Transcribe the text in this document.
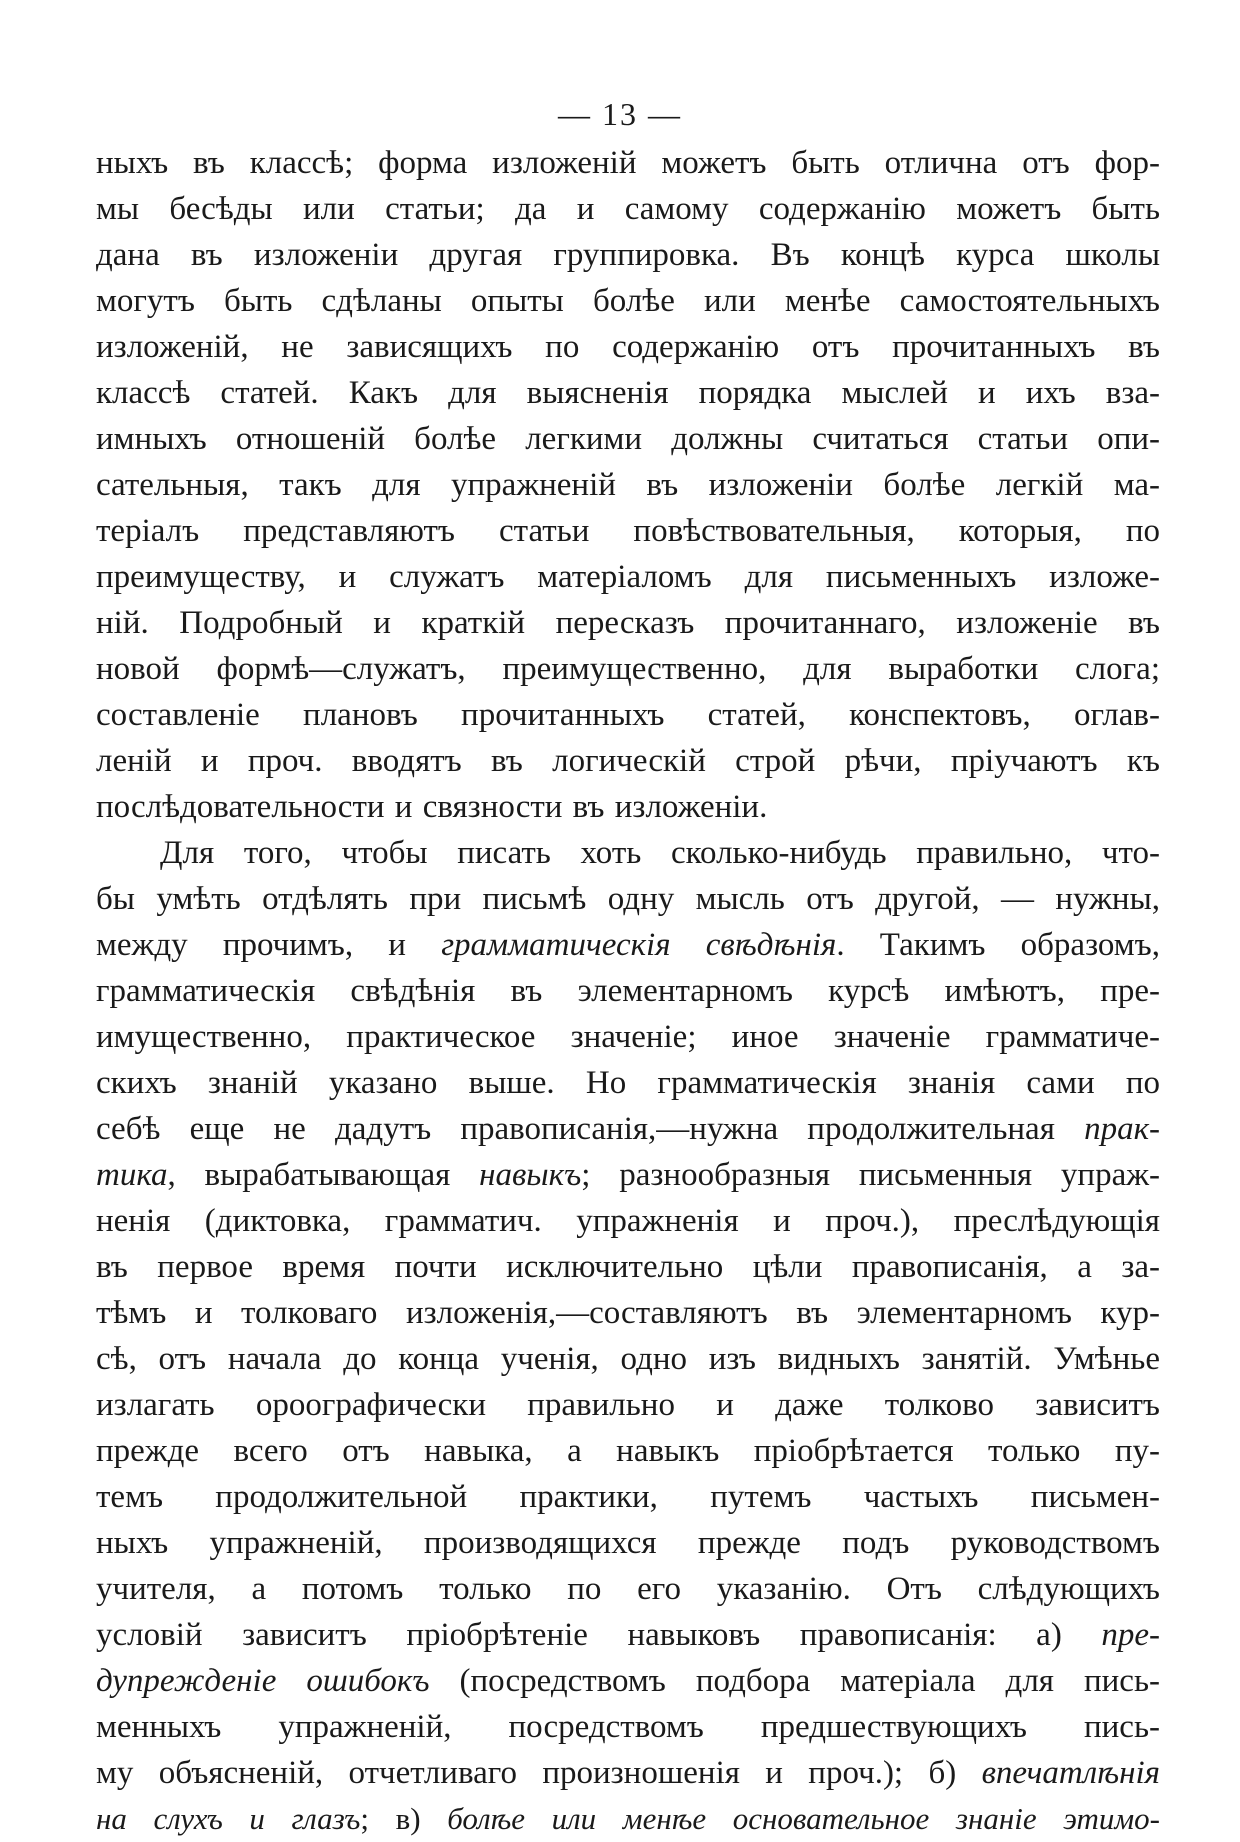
— 13 —
ныхъ въ классѣ; форма изложеній можетъ быть отлична отъ фор-
мы бесѣды или статьи; да и самому содержанію можетъ быть
дана въ изложеніи другая группировка. Въ концѣ курса школы
могутъ быть сдѣланы опыты болѣе или менѣе самостоятельныхъ
изложеній, не зависящихъ по содержанію отъ прочитанныхъ въ
классѣ статей. Какъ для выясненія порядка мыслей и ихъ вза-
имныхъ отношеній болѣе легкими должны считаться статьи опи-
сательныя, такъ для упражненій въ изложеніи болѣе легкій ма-
теріалъ представляютъ статьи повѣствовательныя, которыя, по
преимуществу, и служатъ матеріаломъ для письменныхъ изложе-
ній. Подробный и краткій пересказъ прочитаннаго, изложеніе въ
новой формѣ—служатъ, преимущественно, для выработки слога;
составленіе плановъ прочитанныхъ статей, конспектовъ, оглав-
леній и проч. вводятъ въ логическій строй рѣчи, пріучаютъ къ
послѣдовательности и связности въ изложеніи.
Для того, чтобы писать хоть сколько-нибудь правильно, что-
бы умѣть отдѣлять при письмѣ одну мысль отъ другой, — нужны,
между прочимъ, и грамматическія свѣдѣнія. Такимъ образомъ,
грамматическія свѣдѣнія въ элементарномъ курсѣ имѣютъ, пре-
имущественно, практическое значеніе; иное значеніе грамматиче-
скихъ знаній указано выше. Но грамматическія знанія сами по
себѣ еще не дадутъ правописанія,—нужна продолжительная прак-
тика, вырабатывающая навыкъ; разнообразныя письменныя упраж-
ненія (диктовка, грамматич. упражненія и проч.), преслѣдующія
въ первое время почти исключительно цѣли правописанія, а за-
тѣмъ и толковаго изложенія,—составляютъ въ элементарномъ кур-
сѣ, отъ начала до конца ученія, одно изъ видныхъ занятій. Умѣнье
излагать ороографически правильно и даже толково зависитъ
прежде всего отъ навыка, а навыкъ пріобрѣтается только пу-
темъ продолжительной практики, путемъ частыхъ письмен-
ныхъ упражненій, производящихся прежде подъ руководствомъ
учителя, а потомъ только по его указанію. Отъ слѣдующихъ
условій зависитъ пріобрѣтеніе навыковъ правописанія: а) пре-
дупрежденіе ошибокъ (посредствомъ подбора матеріала для пись-
менныхъ упражненій, посредствомъ предшествующихъ пись-
му объясненій, отчетливаго произношенія и проч.); б) впечатлѣнія
на слухъ и глазъ; в) болѣе или менѣе основательное знаніе этимо-
